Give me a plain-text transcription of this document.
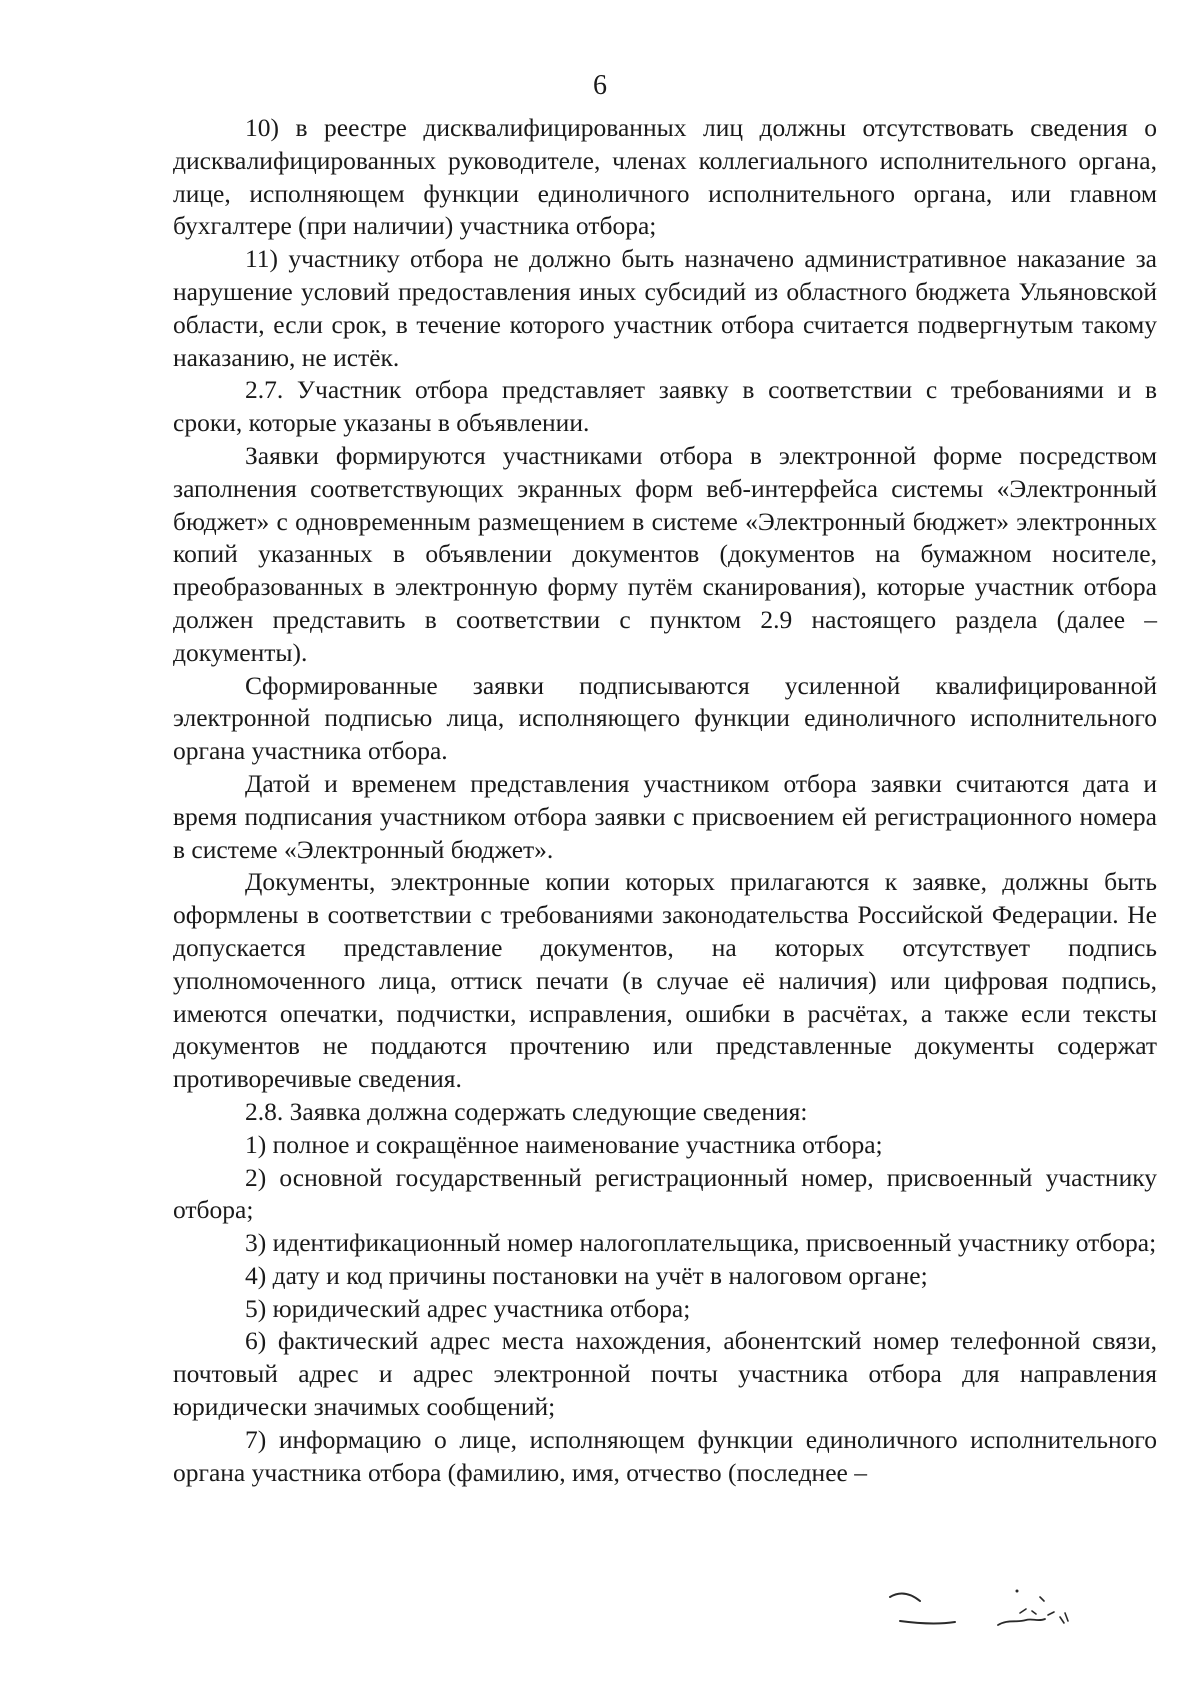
6

10) в реестре дисквалифицированных лиц должны отсутствовать сведения о дисквалифицированных руководителе, членах коллегиального исполнительного органа, лице, исполняющем функции единоличного исполнительного органа, или главном бухгалтере (при наличии) участника отбора;

11) участнику отбора не должно быть назначено административное наказание за нарушение условий предоставления иных субсидий из областного бюджета Ульяновской области, если срок, в течение которого участник отбора считается подвергнутым такому наказанию, не истёк.

2.7. Участник отбора представляет заявку в соответствии с требованиями и в сроки, которые указаны в объявлении.

Заявки формируются участниками отбора в электронной форме посредством заполнения соответствующих экранных форм веб-интерфейса системы «Электронный бюджет» с одновременным размещением в системе «Электронный бюджет» электронных копий указанных в объявлении документов (документов на бумажном носителе, преобразованных в электронную форму путём сканирования), которые участник отбора должен представить в соответствии с пунктом 2.9 настоящего раздела (далее – документы).

Сформированные заявки подписываются усиленной квалифицированной электронной подписью лица, исполняющего функции единоличного исполнительного органа участника отбора.

Датой и временем представления участником отбора заявки считаются дата и время подписания участником отбора заявки с присвоением ей регистрационного номера в системе «Электронный бюджет».

Документы, электронные копии которых прилагаются к заявке, должны быть оформлены в соответствии с требованиями законодательства Российской Федерации. Не допускается представление документов, на которых отсутствует подпись уполномоченного лица, оттиск печати (в случае её наличия) или цифровая подпись, имеются опечатки, подчистки, исправления, ошибки в расчётах, а также если тексты документов не поддаются прочтению или представленные документы содержат противоречивые сведения.

2.8. Заявка должна содержать следующие сведения:

1) полное и сокращённое наименование участника отбора;

2) основной государственный регистрационный номер, присвоенный участнику отбора;

3) идентификационный номер налогоплательщика, присвоенный участнику отбора;

4) дату и код причины постановки на учёт в налоговом органе;

5) юридический адрес участника отбора;

6) фактический адрес места нахождения, абонентский номер телефонной связи, почтовый адрес и адрес электронной почты участника отбора для направления юридически значимых сообщений;

7) информацию о лице, исполняющем функции единоличного исполнительного органа участника отбора (фамилию, имя, отчество (последнее –
